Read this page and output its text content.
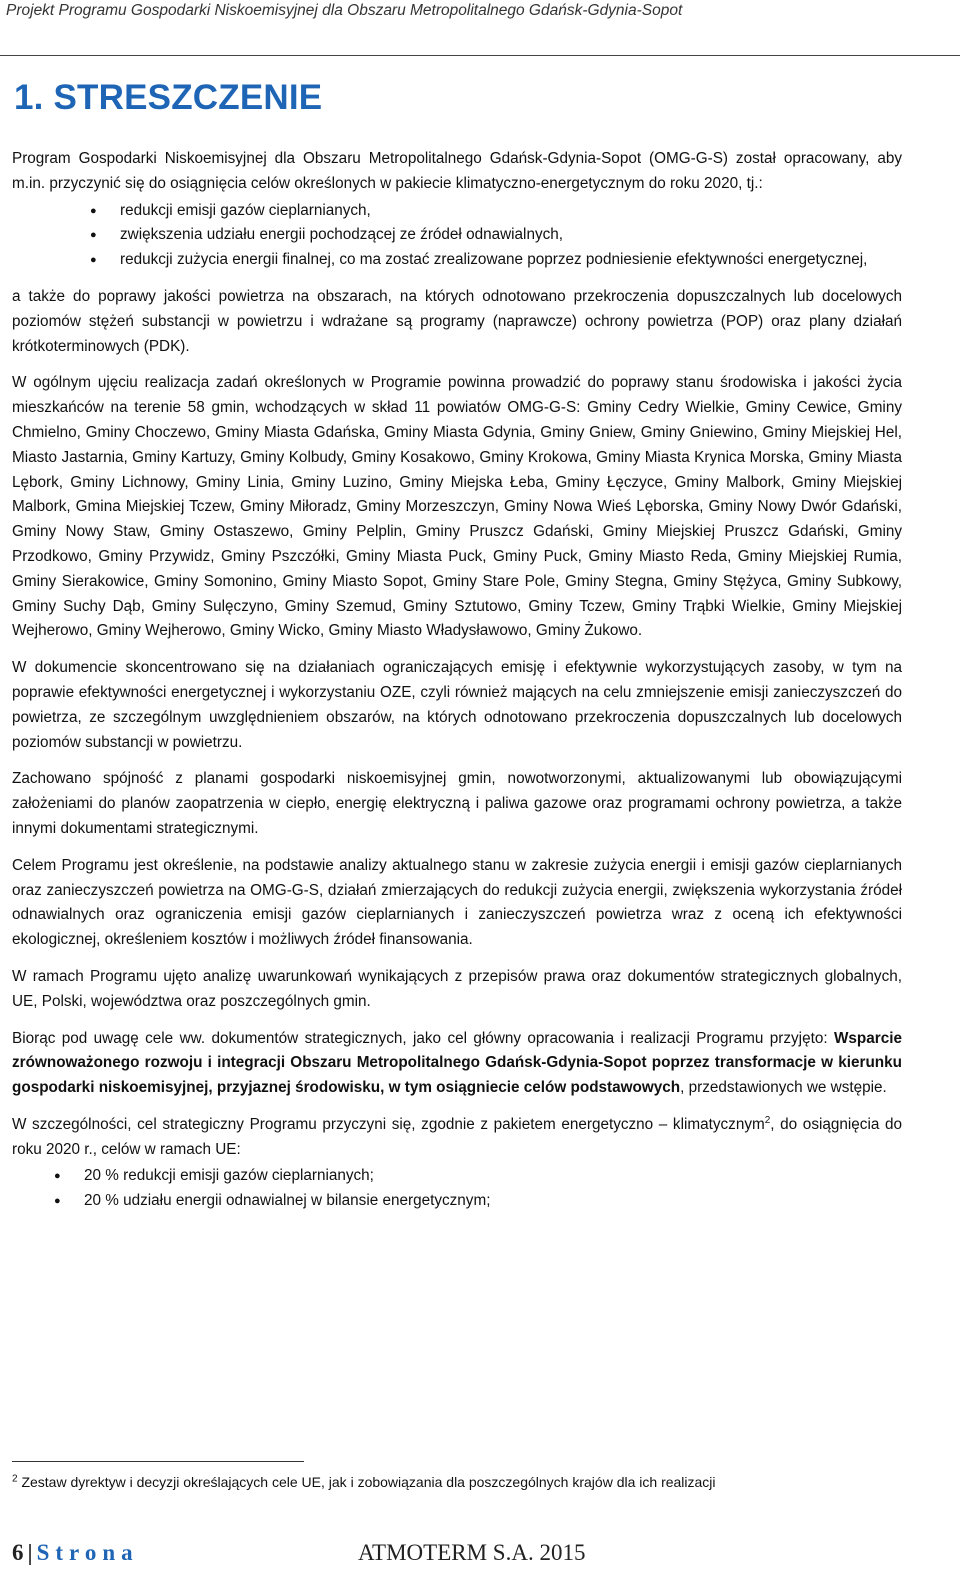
Projekt Programu Gospodarki Niskoemisyjnej dla Obszaru Metropolitalnego Gdańsk-Gdynia-Sopot
1. STRESZCZENIE

Program Gospodarki Niskoemisyjnej dla Obszaru Metropolitalnego Gdańsk-Gdynia-Sopot (OMG-G-S) został opracowany, aby m.in. przyczynić się do osiągnięcia celów określonych w pakiecie klimatyczno-energetycznym do roku 2020, tj.:

● redukcji emisji gazów cieplarnianych,
● zwiększenia udziału energii pochodzącej ze źródeł odnawialnych,
● redukcji zużycia energii finalnej, co ma zostać zrealizowane poprzez podniesienie efektywności energetycznej,

a także do poprawy jakości powietrza na obszarach, na których odnotowano przekroczenia dopuszczalnych lub docelowych poziomów stężeń substancji w powietrzu i wdrażane są programy (naprawcze) ochrony powietrza (POP) oraz plany działań krótkoterminowych (PDK).

W ogólnym ujęciu realizacja zadań określonych w Programie powinna prowadzić do poprawy stanu środowiska i jakości życia mieszkańców na terenie 58 gmin, wchodzących w skład 11 powiatów OMG-G-S: Gminy Cedry Wielkie, Gminy Cewice, Gminy Chmielno, Gminy Choczewo, Gminy Miasta Gdańska, Gminy Miasta Gdynia, Gminy Gniew, Gminy Gniewino, Gminy Miejskiej Hel, Miasto Jastarnia, Gminy Kartuzy, Gminy Kolbudy, Gminy Kosakowo, Gminy Krokowa, Gminy Miasta Krynica Morska, Gminy Miasta Lębork, Gminy Lichnowy, Gminy Linia, Gminy Luzino, Gminy Miejska Łeba, Gminy Łęczyce, Gminy Malbork, Gminy Miejskiej Malbork, Gmina Miejskiej Tczew, Gminy Miłoradz, Gminy Morzeszczyn, Gminy Nowa Wieś Lęborska, Gminy Nowy Dwór Gdański, Gminy Nowy Staw, Gminy Ostaszewo, Gminy Pelplin, Gminy Pruszcz Gdański, Gminy Miejskiej Pruszcz Gdański, Gminy Przodkowo, Gminy Przywidz, Gminy Pszczółki, Gminy Miasta Puck, Gminy Puck, Gminy Miasto Reda, Gminy Miejskiej Rumia, Gminy Sierakowice, Gminy Somonino, Gminy Miasto Sopot, Gminy Stare Pole, Gminy Stegna, Gminy Stężyca, Gminy Subkowy, Gminy Suchy Dąb, Gminy Sulęczyno, Gminy Szemud, Gminy Sztutowo, Gminy Tczew, Gminy Trąbki Wielkie, Gminy Miejskiej Wejherowo, Gminy Wejherowo, Gminy Wicko, Gminy Miasto Władysławowo, Gminy Żukowo.

W dokumencie skoncentrowano się na działaniach ograniczających emisję i efektywnie wykorzystujących zasoby, w tym na poprawie efektywności energetycznej i wykorzystaniu OZE, czyli również mających na celu zmniejszenie emisji zanieczyszczeń do powietrza, ze szczególnym uwzględnieniem obszarów, na których odnotowano przekroczenia dopuszczalnych lub docelowych poziomów substancji w powietrzu.

Zachowano spójność z planami gospodarki niskoemisyjnej gmin, nowotworzonymi, aktualizowanymi lub obowiązującymi założeniami do planów zaopatrzenia w ciepło, energię elektryczną i paliwa gazowe oraz programami ochrony powietrza, a także innymi dokumentami strategicznymi.

Celem Programu jest określenie, na podstawie analizy aktualnego stanu w zakresie zużycia energii i emisji gazów cieplarnianych oraz zanieczyszczeń powietrza na OMG-G-S, działań zmierzających do redukcji zużycia energii, zwiększenia wykorzystania źródeł odnawialnych oraz ograniczenia emisji gazów cieplarnianych i zanieczyszczeń powietrza wraz z oceną ich efektywności ekologicznej, określeniem kosztów i możliwych źródeł finansowania.

W ramach Programu ujęto analizę uwarunkowań wynikających z przepisów prawa oraz dokumentów strategicznych globalnych, UE, Polski, województwa oraz poszczególnych gmin.

Biorąc pod uwagę cele ww. dokumentów strategicznych, jako cel główny opracowania i realizacji Programu przyjęto: Wsparcie zrównoważonego rozwoju i integracji Obszaru Metropolitalnego Gdańsk-Gdynia-Sopot poprzez transformacje w kierunku gospodarki niskoemisyjnej, przyjaznej środowisku, w tym osiągniecie celów podstawowych, przedstawionych we wstępie.

W szczególności, cel strategiczny Programu przyczyni się, zgodnie z pakietem energetyczno – klimatycznym$^2$, do osiągnięcia do roku 2020 r., celów w ramach UE:

● 20 % redukcji emisji gazów cieplarnianych;
● 20 % udziału energii odnawialnej w bilansie energetycznym;
$^2$ Zestaw dyrektyw i decyzji określających cele UE, jak i zobowiązania dla poszczególnych krajów dla ich realizacji
6 | Strona	ATMOTERM S.A. 2015
